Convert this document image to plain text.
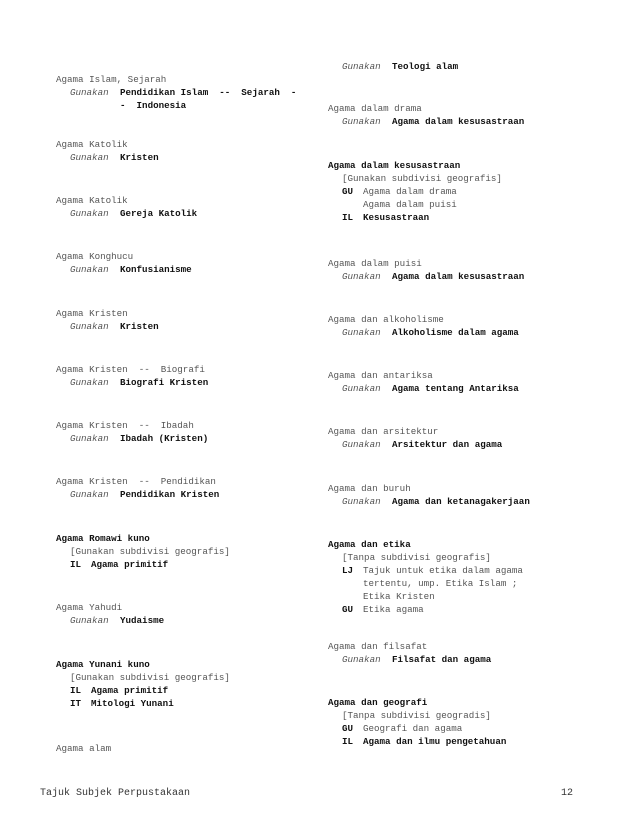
Agama Islam, Sejarah
Gunakan	Pendidikan Islam  --  Sejarah  -
-  Indonesia
Agama Katolik
Gunakan	Kristen
Agama Katolik
Gunakan	Gereja Katolik
Agama Konghucu
Gunakan	Konfusianisme
Agama Kristen
Gunakan	Kristen
Agama Kristen  --  Biografi
Gunakan	Biografi Kristen
Agama Kristen  --  Ibadah
Gunakan	Ibadah (Kristen)
Agama Kristen  --  Pendidikan
Gunakan	Pendidikan Kristen
Agama Romawi kuno
[Gunakan subdivisi geografis]
IL	Agama primitif
Agama Yahudi
Gunakan	Yudaisme
Agama Yunani kuno
[Gunakan subdivisi geografis]
IL	Agama primitif
IT	Mitologi Yunani
Agama alam
Gunakan	Teologi alam
Agama dalam drama
Gunakan	Agama dalam kesusastraan
Agama dalam kesusastraan
[Gunakan subdivisi geografis]
GU	Agama dalam drama
Agama dalam puisi
IL	Kesusastraan
Agama dalam puisi
Gunakan	Agama dalam kesusastraan
Agama dan alkoholisme
Gunakan	Alkoholisme dalam agama
Agama dan antariksa
Gunakan	Agama tentang Antariksa
Agama dan arsitektur
Gunakan	Arsitektur dan agama
Agama dan buruh
Gunakan	Agama dan ketanagakerjaan
Agama dan etika
[Tanpa subdivisi geografis]
LJ	Tajuk untuk etika dalam agama
tertentu, ump. Etika Islam ;
Etika Kristen
GU	Etika agama
Agama dan filsafat
Gunakan	Filsafat dan agama
Agama dan geografi
[Tanpa subdivisi geogradis]
GU	Geografi dan agama
IL	Agama dan ilmu pengetahuan
Tajuk Subjek Perpustakaan	12
